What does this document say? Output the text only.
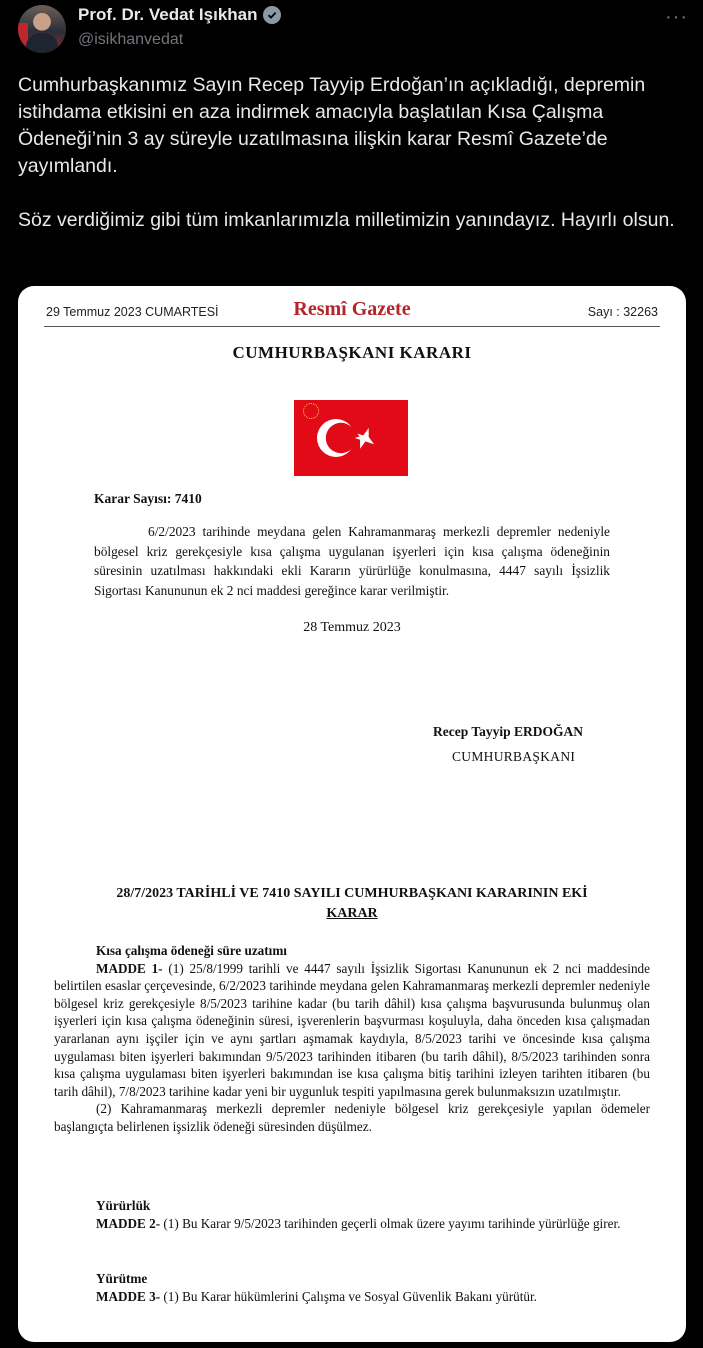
Prof. Dr. Vedat Işıkhan
@isikhanvedat
···

Cumhurbaşkanımız Sayın Recep Tayyip Erdoğan’ın açıkladığı, depremin istihdama etkisini en aza indirmek amacıyla başlatılan Kısa Çalışma Ödeneği’nin 3 ay süreyle uzatılmasına ilişkin karar Resmî Gazete’de yayımlandı.

Söz verdiğimiz gibi tüm imkanlarımızla milletimizin yanındayız. Hayırlı olsun.

29 Temmuz 2023 CUMARTESİ	Resmî Gazete	Sayı : 32263
CUMHURBAŞKANI KARARI
Karar Sayısı: 7410
6/2/2023 tarihinde meydana gelen Kahramanmaraş merkezli depremler nedeniyle bölgesel kriz gerekçesiyle kısa çalışma uygulanan işyerleri için kısa çalışma ödeneğinin süresinin uzatılması hakkındaki ekli Kararın yürürlüğe konulmasına, 4447 sayılı İşsizlik Sigortası Kanununun ek 2 nci maddesi gereğince karar verilmiştir.
28 Temmuz 2023
Recep Tayyip ERDOĞAN
CUMHURBAŞKANI
28/7/2023 TARİHLİ VE 7410 SAYILI CUMHURBAŞKANI KARARININ EKİ
KARAR
Kısa çalışma ödeneği süre uzatımı
MADDE 1- (1) 25/8/1999 tarihli ve 4447 sayılı İşsizlik Sigortası Kanununun ek 2 nci maddesinde belirtilen esaslar çerçevesinde, 6/2/2023 tarihinde meydana gelen Kahramanmaraş merkezli depremler nedeniyle bölgesel kriz gerekçesiyle 8/5/2023 tarihine kadar (bu tarih dâhil) kısa çalışma başvurusunda bulunmuş olan işyerleri için kısa çalışma ödeneğinin süresi, işverenlerin başvurması koşuluyla, daha önceden kısa çalışmadan yararlanan aynı işçiler için ve aynı şartları aşmamak kaydıyla, 8/5/2023 tarihi ve öncesinde kısa çalışma uygulaması biten işyerleri bakımından 9/5/2023 tarihinden itibaren (bu tarih dâhil), 8/5/2023 tarihinden sonra kısa çalışma uygulaması biten işyerleri bakımından ise kısa çalışma bitiş tarihini izleyen tarihten itibaren (bu tarih dâhil), 7/8/2023 tarihine kadar yeni bir uygunluk tespiti yapılmasına gerek bulunmaksızın uzatılmıştır.
(2) Kahramanmaraş merkezli depremler nedeniyle bölgesel kriz gerekçesiyle yapılan ödemeler başlangıçta belirlenen işsizlik ödeneği süresinden düşülmez.
Yürürlük
MADDE 2- (1) Bu Karar 9/5/2023 tarihinden geçerli olmak üzere yayımı tarihinde yürürlüğe girer.
Yürütme
MADDE 3- (1) Bu Karar hükümlerini Çalışma ve Sosyal Güvenlik Bakanı yürütür.
